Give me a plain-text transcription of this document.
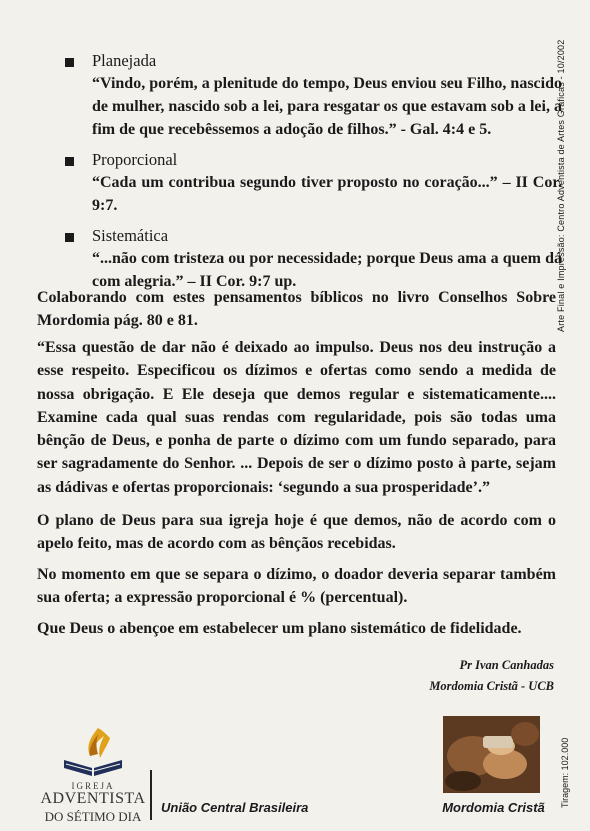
Planejada
“Vindo, porém, a plenitude do tempo, Deus enviou seu Filho, nascido de mulher, nascido sob a lei, para resgatar os que estavam sob a lei, a fim de que recebêssemos a adoção de filhos.” - Gal. 4:4 e 5.
Proporcional
“Cada um contribua segundo tiver proposto no coração...” – II Cor. 9:7.
Sistemática
“...não com tristeza ou por necessidade; porque Deus ama a quem dá com alegria.” – II Cor. 9:7 up.
Colaborando com estes pensamentos bíblicos no livro Conselhos Sobre Mordomia pág. 80 e 81.
“Essa questão de dar não é deixado ao impulso. Deus nos deu instrução a esse respeito. Especificou os dízimos e ofertas como sendo a medida de nossa obrigação. E Ele deseja que demos regular e sistematicamente.... Examine cada qual suas rendas com regularidade, pois são todas uma bênção de Deus, e ponha de parte o dízimo com um fundo separado, para ser sagradamente do Senhor. ... Depois de ser o dízimo posto à parte, sejam as dádivas e ofertas proporcionais: ‘segundo a sua prosperidade’.”
O plano de Deus para sua igreja hoje é que demos, não de acordo com o apelo feito, mas de acordo com as bênçãos recebidas.
No momento em que se separa o dízimo, o doador deveria separar também sua oferta; a expressão proporcional é % (percentual).
Que Deus o abençoe em estabelecer um plano sistemático de fidelidade.
Pr Ivan Canhadas
Mordomia Cristã - UCB
Arte Final e Impressão: Centro Adventista de Artes Gráficas - 10/2002
Tiragem: 102.000
IGREJA
ADVENTISTA
DO SÉTIMO DIA
União Central Brasileira	Mordomia Cristã
